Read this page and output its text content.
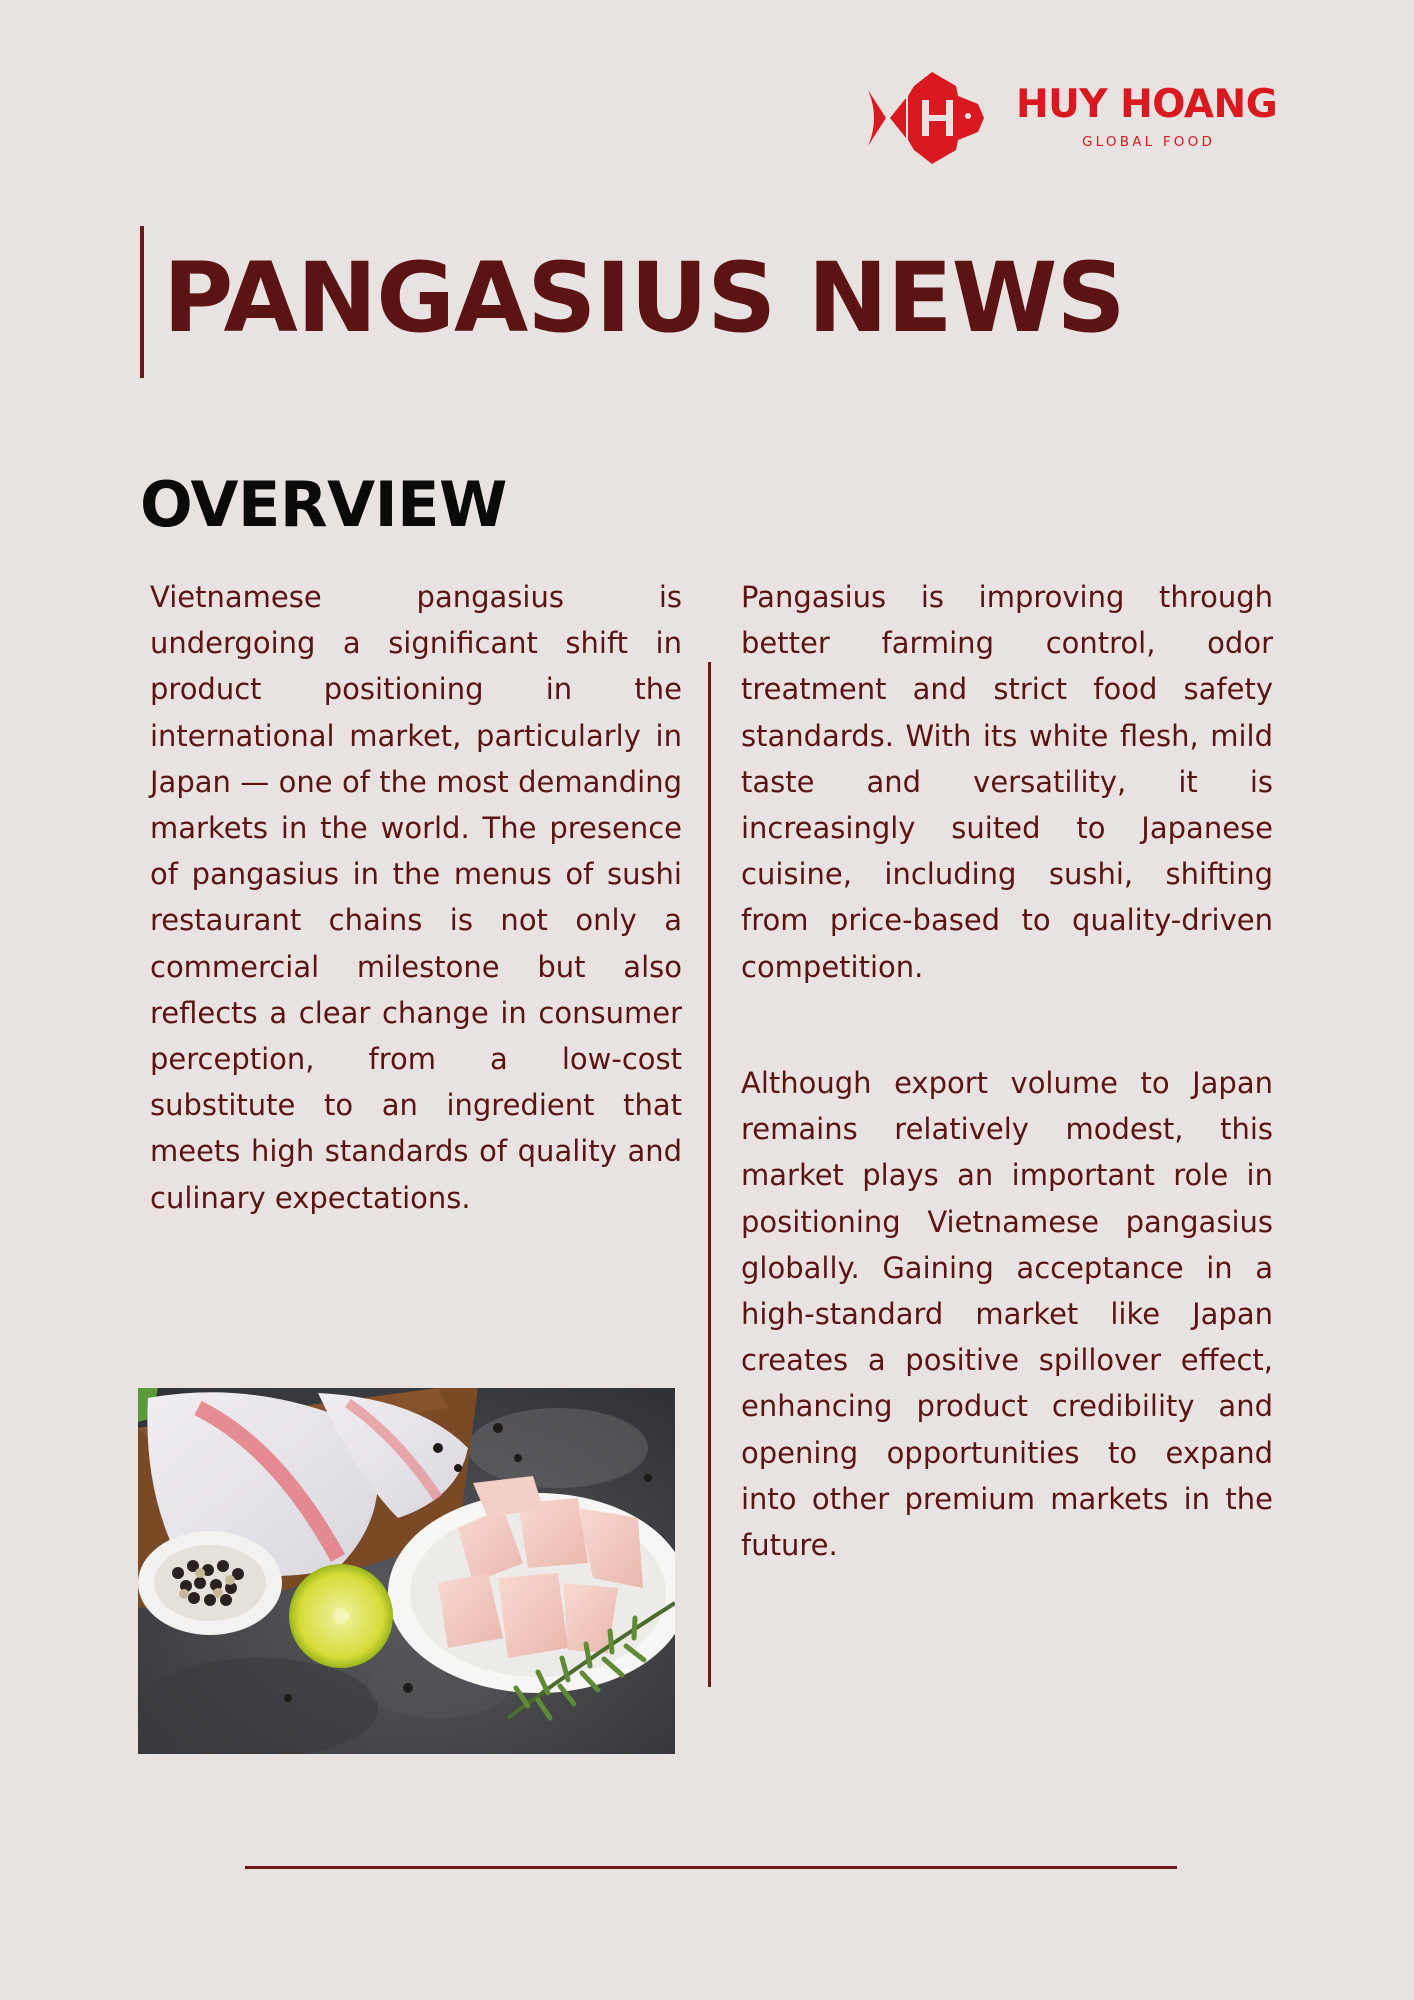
HUY HOANG
GLOBAL FOOD
PANGASIUS NEWS
OVERVIEW

Vietnamese pangasius is undergoing a significant shift in product positioning in the international market, particularly in Japan — one of the most demanding markets in the world. The presence of pangasius in the menus of sushi restaurant chains is not only a commercial milestone but also reflects a clear change in consumer perception, from a low-cost substitute to an ingredient that meets high standards of quality and culinary expectations.

Pangasius is improving through better farming control, odor treatment and strict food safety standards. With its white flesh, mild taste and versatility, it is increasingly suited to Japanese cuisine, including sushi, shifting from price-based to quality-driven competition.

Although export volume to Japan remains relatively modest, this market plays an important role in positioning Vietnamese pangasius globally. Gaining acceptance in a high-standard market like Japan creates a positive spillover effect, enhancing product credibility and opening opportunities to expand into other premium markets in the future.
